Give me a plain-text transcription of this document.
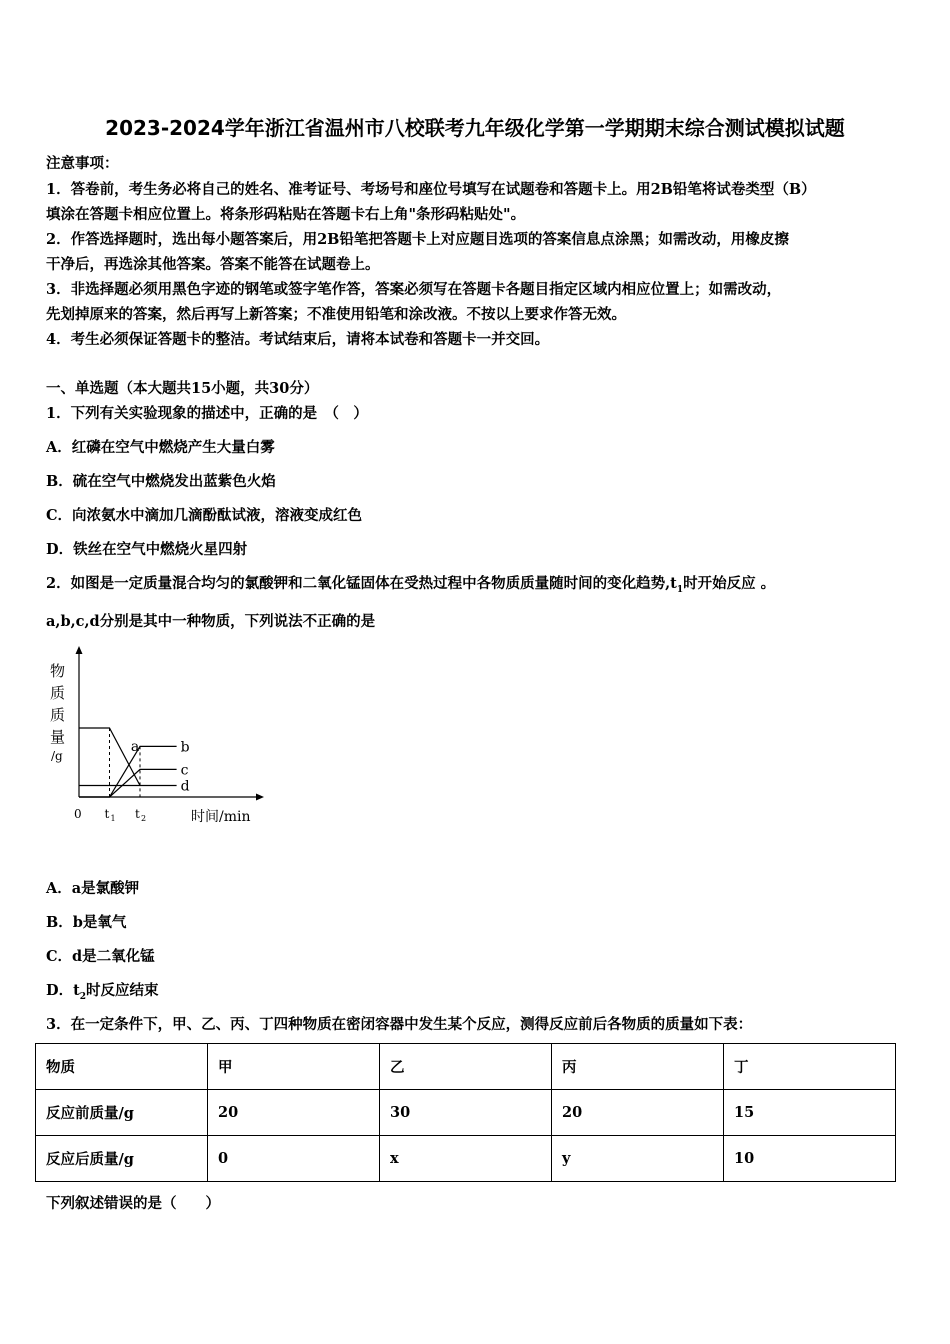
2023-2024学年浙江省温州市八校联考九年级化学第一学期期末综合测试模拟试题
注意事项：
1．答卷前，考生务必将自己的姓名、准考证号、考场号和座位号填写在试题卷和答题卡上。用2B铅笔将试卷类型（B）
填涂在答题卡相应位置上。将条形码粘贴在答题卡右上角"条形码粘贴处"。
2．作答选择题时，选出每小题答案后，用2B铅笔把答题卡上对应题目选项的答案信息点涂黑；如需改动，用橡皮擦
干净后，再选涂其他答案。答案不能答在试题卷上。
3．非选择题必须用黑色字迹的钢笔或签字笔作答，答案必须写在答题卡各题目指定区域内相应位置上；如需改动，
先划掉原来的答案，然后再写上新答案；不准使用铅笔和涂改液。不按以上要求作答无效。
4．考生必须保证答题卡的整洁。考试结束后，请将本试卷和答题卡一并交回。
一、单选题（本大题共15小题，共30分）
1．下列有关实验现象的描述中，正确的是　（　）
A．红磷在空气中燃烧产生大量白雾
B．硫在空气中燃烧发出蓝紫色火焰
C．向浓氨水中滴加几滴酚酞试液，溶液变成红色
D．铁丝在空气中燃烧火星四射
2．如图是一定质量混合均匀的氯酸钾和二氧化锰固体在受热过程中各物质质量随时间的变化趋势$,t_1$时开始反应 。
a,b,c,d分别是其中一种物质，下列说法不正确的是
物
质
质
量
/g
0	时间/min
t 1 t 2
a	b
c
d
A．a是氯酸钾
B．b是氧气
C．d是二氧化锰
D．$t_2$时反应结束
3．在一定条件下，甲、乙、丙、丁四种物质在密闭容器中发生某个反应，测得反应前后各物质的质量如下表：
物质	甲	乙	丙	丁
反应前质量/g	20	30	20	15
反应后质量/g	0	x	y	10
下列叙述错误的是（　　）
